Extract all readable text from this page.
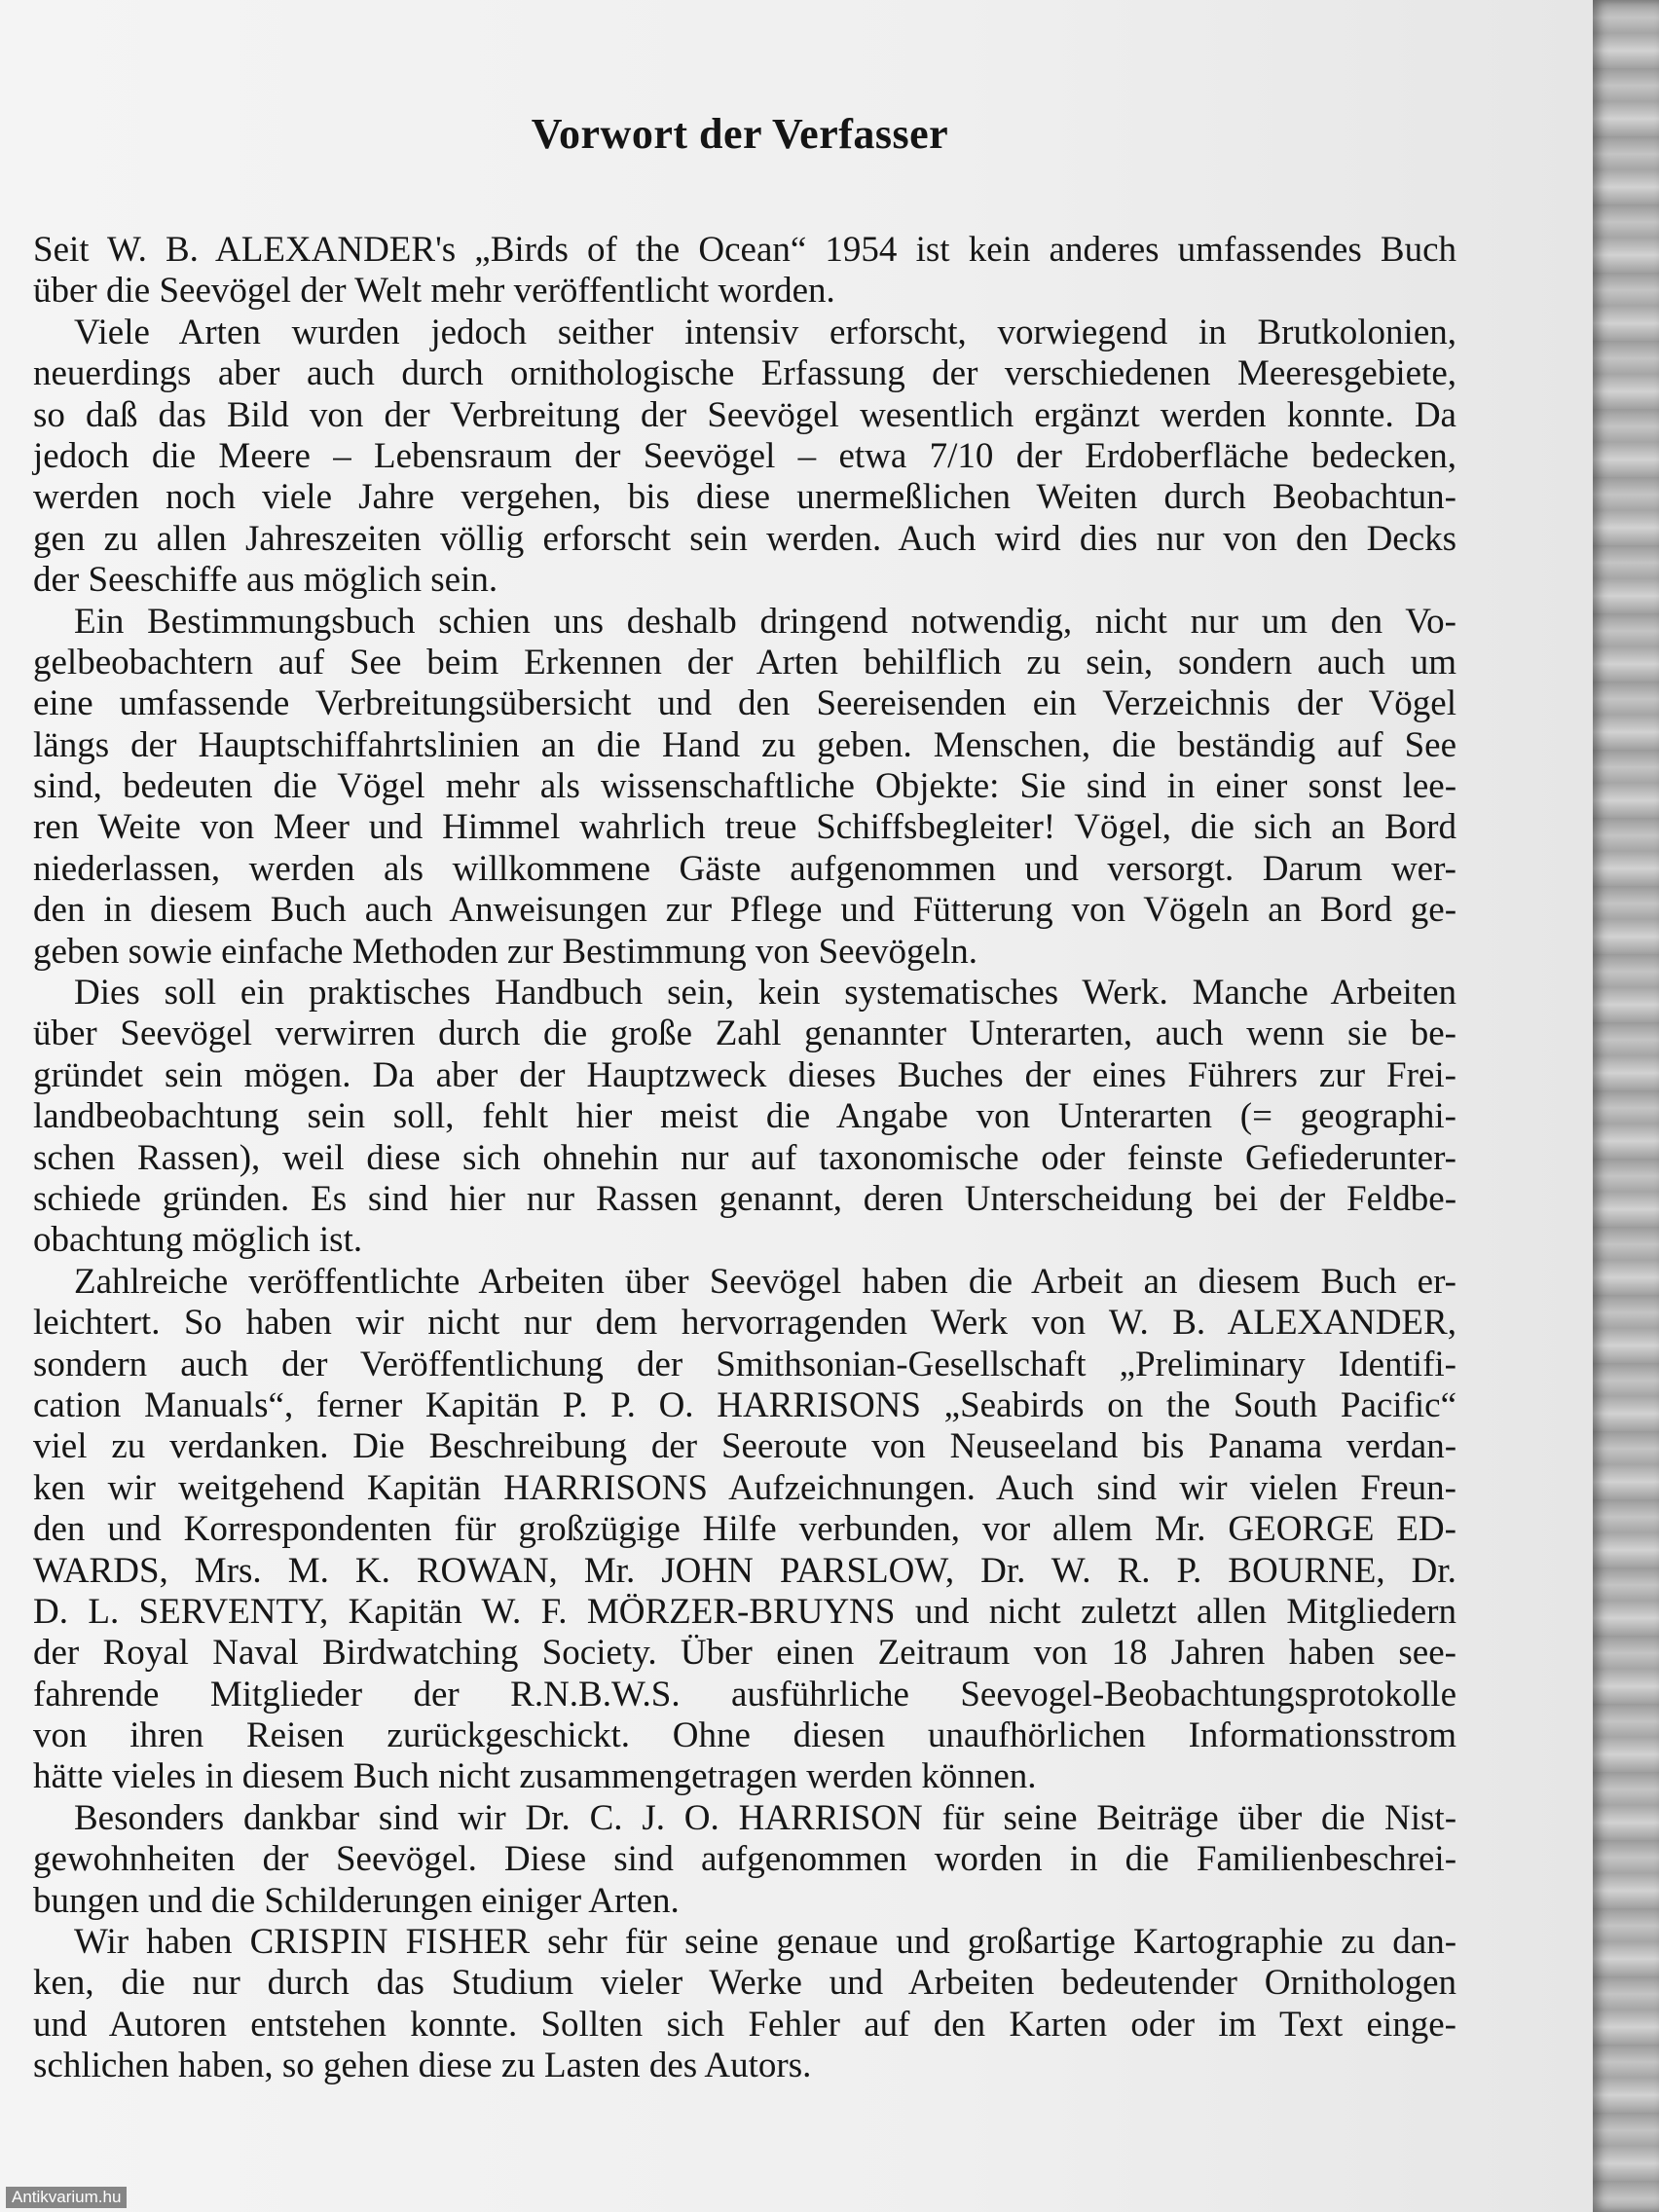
Vorwort der Verfasser
Seit W. B. ALEXANDER's „Birds of the Ocean“ 1954 ist kein anderes umfassendes Buch
über die Seevögel der Welt mehr veröffentlicht worden.
Viele Arten wurden jedoch seither intensiv erforscht, vorwiegend in Brutkolonien,
neuerdings aber auch durch ornithologische Erfassung der verschiedenen Meeresgebiete,
so daß das Bild von der Verbreitung der Seevögel wesentlich ergänzt werden konnte. Da
jedoch die Meere – Lebensraum der Seevögel – etwa 7/10 der Erdoberfläche bedecken,
werden noch viele Jahre vergehen, bis diese unermeßlichen Weiten durch Beobachtun-
gen zu allen Jahreszeiten völlig erforscht sein werden. Auch wird dies nur von den Decks
der Seeschiffe aus möglich sein.
Ein Bestimmungsbuch schien uns deshalb dringend notwendig, nicht nur um den Vo-
gelbeobachtern auf See beim Erkennen der Arten behilflich zu sein, sondern auch um
eine umfassende Verbreitungsübersicht und den Seereisenden ein Verzeichnis der Vögel
längs der Hauptschiffahrtslinien an die Hand zu geben. Menschen, die beständig auf See
sind, bedeuten die Vögel mehr als wissenschaftliche Objekte: Sie sind in einer sonst lee-
ren Weite von Meer und Himmel wahrlich treue Schiffsbegleiter! Vögel, die sich an Bord
niederlassen, werden als willkommene Gäste aufgenommen und versorgt. Darum wer-
den in diesem Buch auch Anweisungen zur Pflege und Fütterung von Vögeln an Bord ge-
geben sowie einfache Methoden zur Bestimmung von Seevögeln.
Dies soll ein praktisches Handbuch sein, kein systematisches Werk. Manche Arbeiten
über Seevögel verwirren durch die große Zahl genannter Unterarten, auch wenn sie be-
gründet sein mögen. Da aber der Hauptzweck dieses Buches der eines Führers zur Frei-
landbeobachtung sein soll, fehlt hier meist die Angabe von Unterarten (= geographi-
schen Rassen), weil diese sich ohnehin nur auf taxonomische oder feinste Gefiederunter-
schiede gründen. Es sind hier nur Rassen genannt, deren Unterscheidung bei der Feldbe-
obachtung möglich ist.
Zahlreiche veröffentlichte Arbeiten über Seevögel haben die Arbeit an diesem Buch er-
leichtert. So haben wir nicht nur dem hervorragenden Werk von W. B. ALEXANDER,
sondern auch der Veröffentlichung der Smithsonian-Gesellschaft „Preliminary Identifi-
cation Manuals“, ferner Kapitän P. P. O. HARRISONS „Seabirds on the South Pacific“
viel zu verdanken. Die Beschreibung der Seeroute von Neuseeland bis Panama verdan-
ken wir weitgehend Kapitän HARRISONS Aufzeichnungen. Auch sind wir vielen Freun-
den und Korrespondenten für großzügige Hilfe verbunden, vor allem Mr. GEORGE ED-
WARDS, Mrs. M. K. ROWAN, Mr. JOHN PARSLOW, Dr. W. R. P. BOURNE, Dr.
D. L. SERVENTY, Kapitän W. F. MÖRZER-BRUYNS und nicht zuletzt allen Mitgliedern
der Royal Naval Birdwatching Society. Über einen Zeitraum von 18 Jahren haben see-
fahrende Mitglieder der R.N.B.W.S. ausführliche Seevogel-Beobachtungsprotokolle
von ihren Reisen zurückgeschickt. Ohne diesen unaufhörlichen Informationsstrom
hätte vieles in diesem Buch nicht zusammengetragen werden können.
Besonders dankbar sind wir Dr. C. J. O. HARRISON für seine Beiträge über die Nist-
gewohnheiten der Seevögel. Diese sind aufgenommen worden in die Familienbeschrei-
bungen und die Schilderungen einiger Arten.
Wir haben CRISPIN FISHER sehr für seine genaue und großartige Kartographie zu dan-
ken, die nur durch das Studium vieler Werke und Arbeiten bedeutender Ornithologen
und Autoren entstehen konnte. Sollten sich Fehler auf den Karten oder im Text einge-
schlichen haben, so gehen diese zu Lasten des Autors.
Antikvarium.hu
